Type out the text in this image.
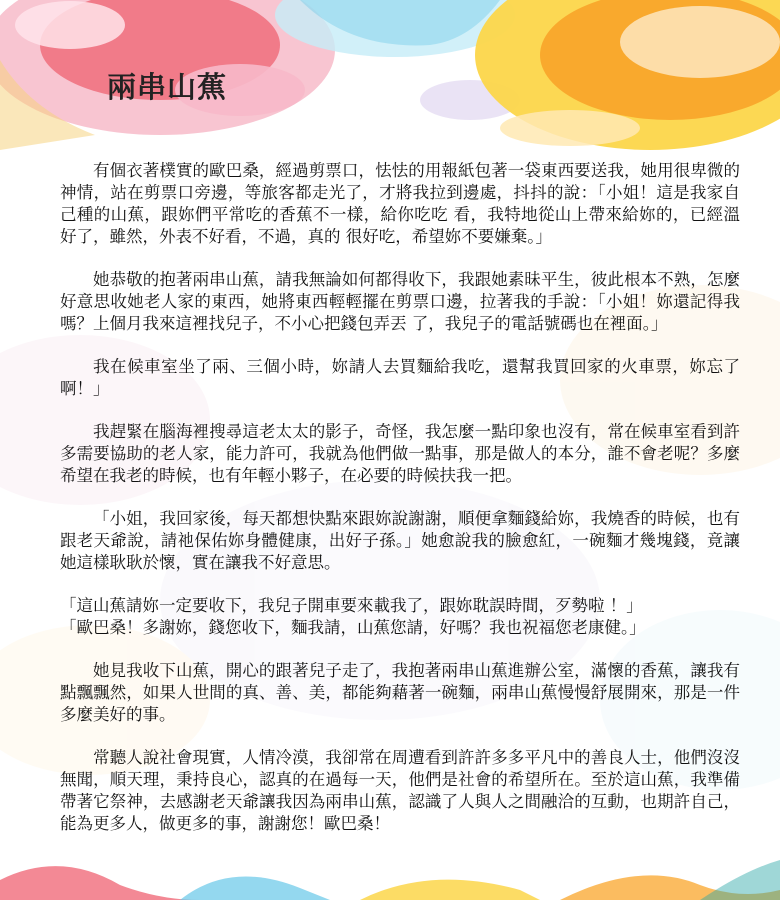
兩串山蕉

有個衣著樸實的歐巴桑，經過剪票口，怯怯的用報紙包著一袋東西要送我，她用很卑微的神情，站在剪票口旁邊，等旅客都走光了，才將我拉到邊處，抖抖的說：「小姐！這是我家自己種的山蕉，跟妳們平常吃的香蕉不一樣，給你吃吃 看，我特地從山上帶來給妳的，已經溫好了，雖然，外表不好看，不過，真的 很好吃，希望妳不要嫌棄。」

她恭敬的抱著兩串山蕉，請我無論如何都得收下，我跟她素昧平生，彼此根本不熟，怎麼好意思收她老人家的東西，她將東西輕輕擺在剪票口邊，拉著我的手說：「小姐！妳還記得我嗎？上個月我來這裡找兒子，不小心把錢包弄丟 了，我兒子的電話號碼也在裡面。」

我在候車室坐了兩、三個小時，妳請人去買麵給我吃，還幫我買回家的火車票，妳忘了啊！」

我趕緊在腦海裡搜尋這老太太的影子，奇怪，我怎麼一點印象也沒有，常在候車室看到許多需要協助的老人家，能力許可，我就為他們做一點事，那是做人的本分，誰不會老呢？多麼希望在我老的時候，也有年輕小夥子，在必要的時候扶我一把。

「小姐，我回家後，每天都想快點來跟妳說謝謝，順便拿麵錢給妳，我燒香的時候，也有跟老天爺說，請祂保佑妳身體健康，出好子孫。」她愈說我的臉愈紅，一碗麵才幾塊錢，竟讓她這樣耿耿於懷，實在讓我不好意思。

「這山蕉請妳一定要收下，我兒子開車要來載我了，跟妳耽誤時間，歹勢啦 ！」
「歐巴桑！多謝妳，錢您收下，麵我請，山蕉您請，好嗎？我也祝福您老康健。」

她見我收下山蕉，開心的跟著兒子走了，我抱著兩串山蕉進辦公室，滿懷的香蕉，讓我有點飄飄然，如果人世間的真、善、美，都能夠藉著一碗麵，兩串山蕉慢慢舒展開來，那是一件多麼美好的事。

常聽人說社會現實，人情冷漠，我卻常在周遭看到許許多多平凡中的善良人士，他們沒沒無聞，順天理，秉持良心，認真的在過每一天，他們是社會的希望所在。至於這山蕉，我準備帶著它祭神，去感謝老天爺讓我因為兩串山蕉，認識了人與人之間融洽的互動，也期許自己，能為更多人，做更多的事，謝謝您！歐巴桑！
